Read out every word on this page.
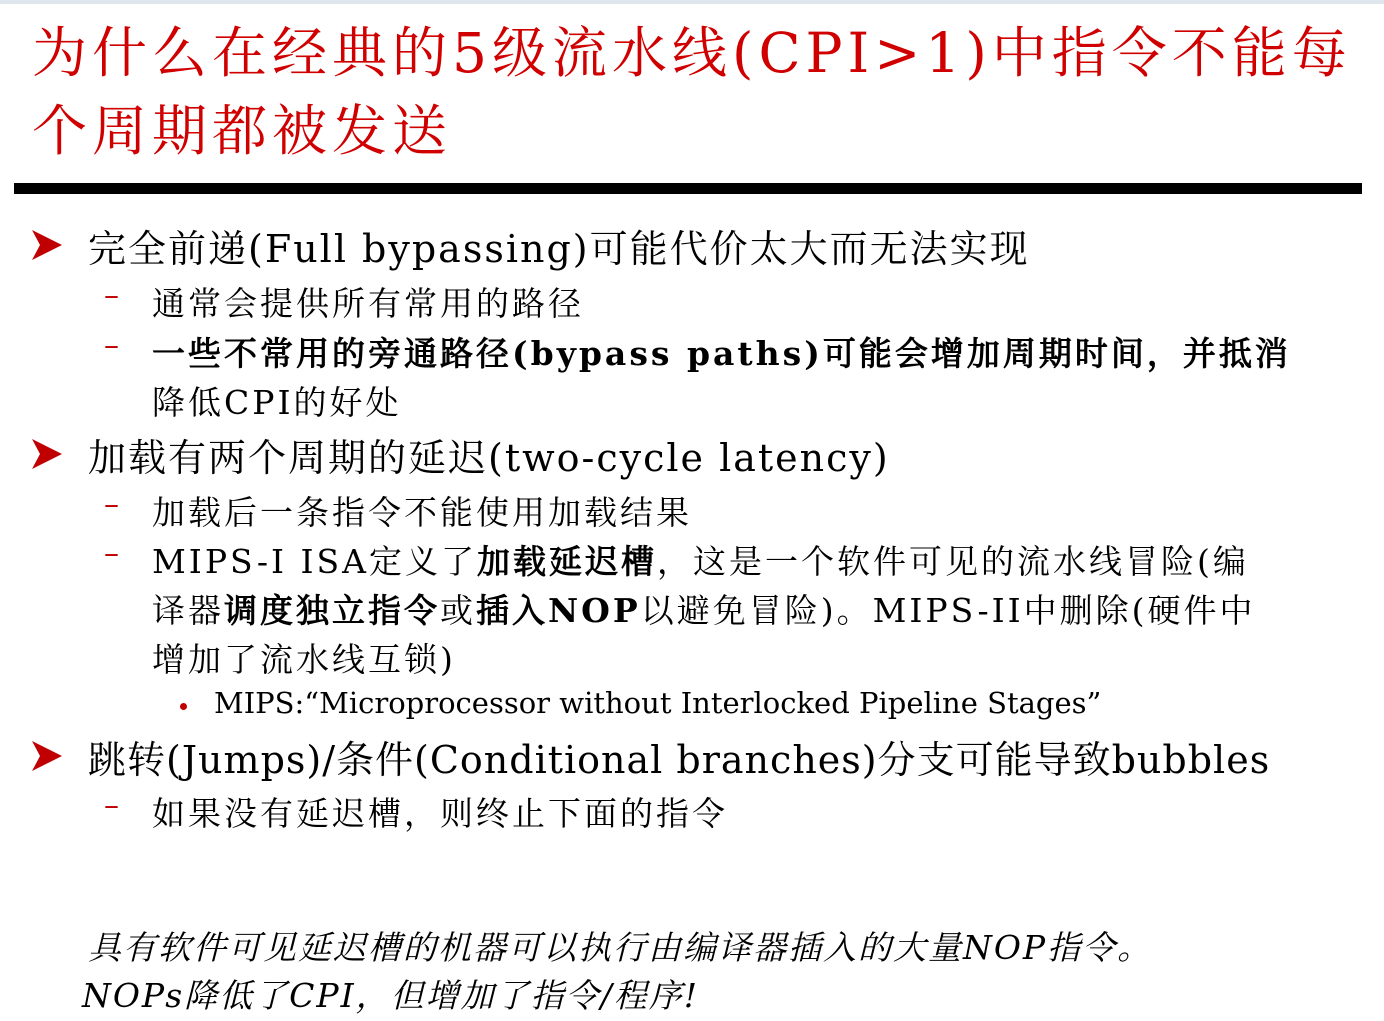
为什么在经典的5级流水线(CPI>1)中指令不能每个周期都被发送
完全前递(Full bypassing)可能代价太大而无法实现
– 通常会提供所有常用的路径
– 一些不常用的旁通路径(bypass paths)可能会增加周期时间，并抵消
降低CPI的好处
加载有两个周期的延迟(two-cycle latency)
– 加载后一条指令不能使用加载结果
– MIPS-I ISA定义了加载延迟槽，这是一个软件可见的流水线冒险(编
译器调度独立指令或插入NOP以避免冒险)。MIPS-II中删除(硬件中
增加了流水线互锁)
MIPS:“Microprocessor without Interlocked Pipeline Stages”
跳转(Jumps)/条件(Conditional branches)分支可能导致bubbles
– 如果没有延迟槽，则终止下面的指令
具有软件可见延迟槽的机器可以执行由编译器插入的大量NOP指令。
NOPs降低了CPI，但增加了指令/程序!
